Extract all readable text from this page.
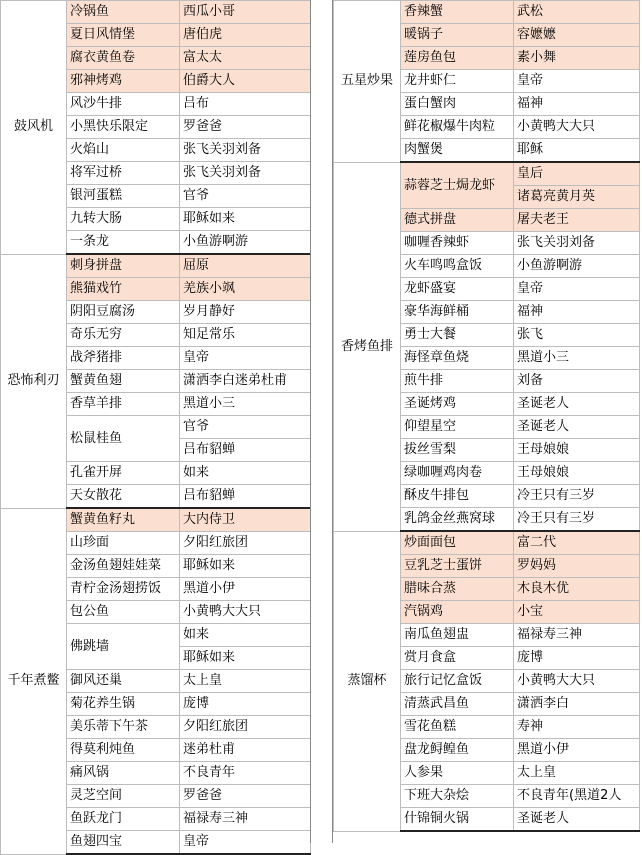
鼓风机	冷锅鱼	西瓜小哥
	夏日风情堡	唐伯虎
	腐衣黄鱼卷	富太太
	邪神烤鸡	伯爵大人
	风沙牛排	吕布
	小黑快乐限定	罗爸爸
	火焰山	张飞关羽刘备
	将军过桥	张飞关羽刘备
	银河蛋糕	官爷
	九转大肠	耶稣如来
	一条龙	小鱼游啊游
恐怖利刃	刺身拼盘	屈原
	熊猫戏竹	羌族小飒
	阴阳豆腐汤	岁月静好
	奇乐无穷	知足常乐
	战斧猪排	皇帝
	蟹黄鱼翅	潇洒李白迷弟杜甫
	香草羊排	黑道小三
	松鼠桂鱼	官爷
		吕布貂蝉
	孔雀开屏	如来
	天女散花	吕布貂蝉
千年煮鳖	蟹黄鱼籽丸	大内侍卫
	山珍面	夕阳红旅团
	金汤鱼翅娃娃菜	耶稣如来
	青柠金汤翅捞饭	黑道小伊
	包公鱼	小黄鸭大大只
	佛跳墙	如来
		耶稣如来
	御风还巢	太上皇
	菊花养生锅	庞博
	美乐蒂下午茶	夕阳红旅团
	得莫利炖鱼	迷弟杜甫
	痛风锅	不良青年
	灵芝空间	罗爸爸
	鱼跃龙门	福禄寿三神
	鱼翅四宝	皇帝
五星炒果	香辣蟹	武松
	暖锅子	容嬷嬷
	莲房鱼包	素小舞
	龙井虾仁	皇帝
	蛋白蟹肉	福神
	鲜花椒爆牛肉粒	小黄鸭大大只
	肉蟹煲	耶稣
香烤鱼排	蒜蓉芝士焗龙虾	皇后
		诸葛亮黄月英
	德式拼盘	屠夫老王
	咖喱香辣虾	张飞关羽刘备
	火车鸣鸣盒饭	小鱼游啊游
	龙虾盛宴	皇帝
	豪华海鲜桶	福神
	勇士大餐	张飞
	海怪章鱼烧	黑道小三
	煎牛排	刘备
	圣诞烤鸡	圣诞老人
	仰望星空	圣诞老人
	拔丝雪梨	王母娘娘
	绿咖喱鸡肉卷	王母娘娘
	酥皮牛排包	冷王只有三岁
	乳鸽金丝燕窝球	冷王只有三岁
蒸馏杯	炒面面包	富二代
	豆乳芝士蛋饼	罗妈妈
	腊味合蒸	木良木优
	汽锅鸡	小宝
	南瓜鱼翅盅	福禄寿三神
	赏月食盒	庞博
	旅行记忆盒饭	小黄鸭大大只
	清蒸武昌鱼	潇洒李白
	雪花鱼糕	寿神
	盘龙鲟鳇鱼	黑道小伊
	人参果	太上皇
	下班大杂烩	不良青年(黑道2人
	什锦铜火锅	圣诞老人
